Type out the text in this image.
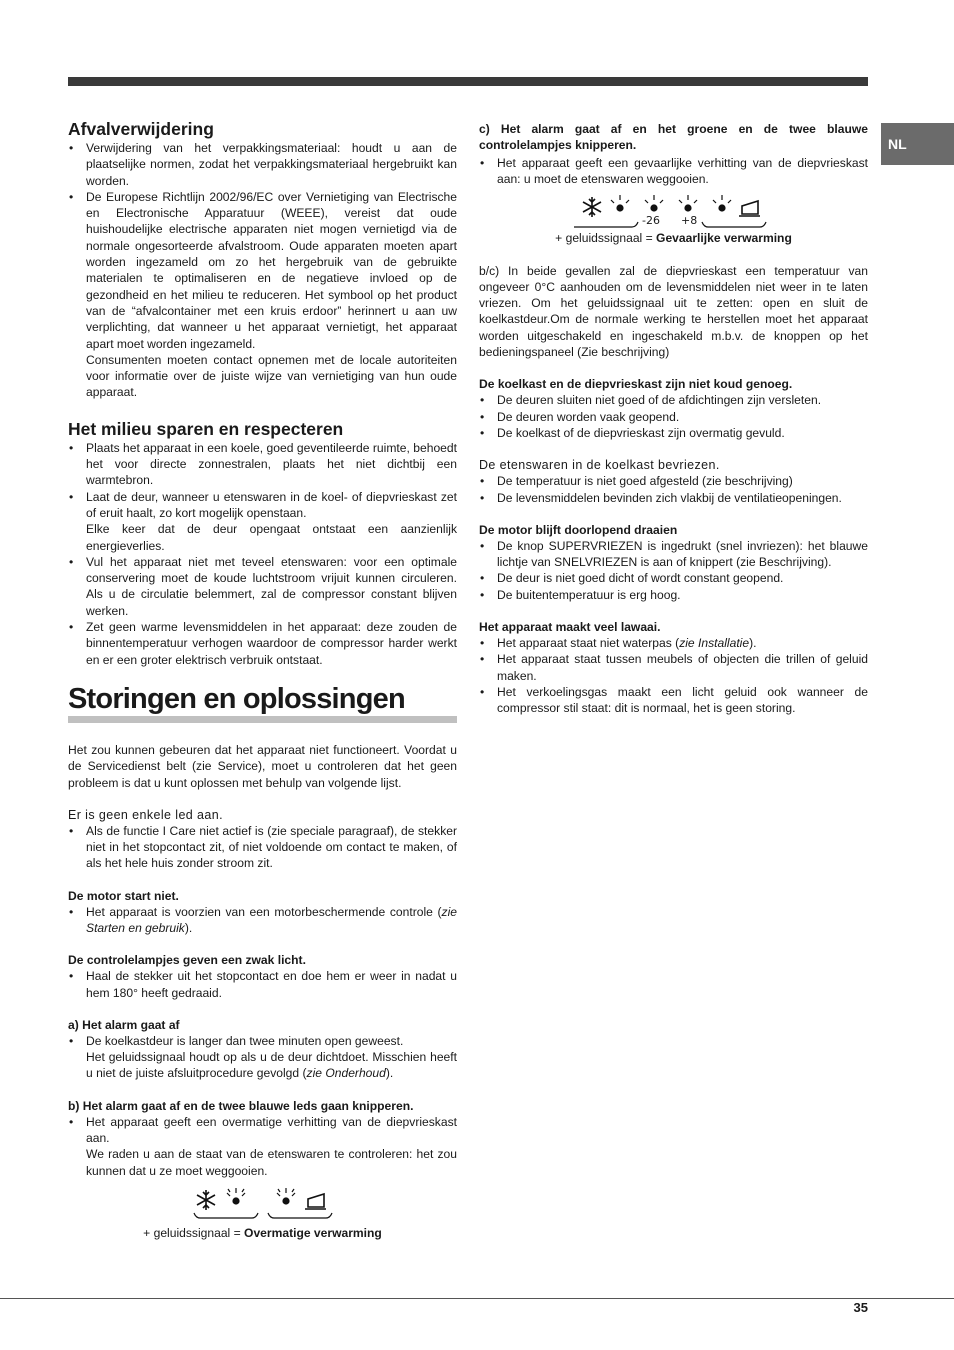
NL
Afvalverwijdering
• Verwijdering van het verpakkingsmateriaal: houdt u aan de plaatselijke normen, zodat het verpakkingsmateriaal hergebruikt kan worden.
• De Europese Richtlijn 2002/96/EC over Vernietiging van Electrische en Electronische Apparatuur (WEEE), vereist dat oude huishoudelijke electrische apparaten niet mogen vernietigd via de normale ongesorteerde afvalstroom. Oude apparaten moeten apart worden ingezameld om zo het hergebruik van de gebruikte materialen te optimaliseren en de negatieve invloed op de gezondheid en het milieu te reduceren. Het symbool op het product van de “afvalcontainer met een kruis erdoor” herinnert u aan uw verplichting, dat wanneer u het apparaat vernietigt, het apparaat apart moet worden ingezameld.
Consumenten moeten contact opnemen met de locale autoriteiten voor informatie over de juiste wijze van vernietiging van hun oude apparaat.
Het milieu sparen en respecteren
• Plaats het apparaat in een koele, goed geventileerde ruimte, behoedt het voor directe zonnestralen, plaats het niet dichtbij een warmtebron.
• Laat de deur, wanneer u etenswaren in de koel- of diepvrieskast zet of eruit haalt, zo kort mogelijk openstaan.
Elke keer dat de deur opengaat ontstaat een aanzienlijk energieverlies.
• Vul het apparaat niet met teveel etenswaren: voor een optimale conservering moet de koude luchtstroom vrijuit kunnen circuleren. Als u de circulatie belemmert, zal de compressor constant blijven werken.
• Zet geen warme levensmiddelen in het apparaat: deze zouden de binnentemperatuur verhogen waardoor de compressor harder werkt en er een groter elektrisch verbruik ontstaat.
Storingen en oplossingen

Het zou kunnen gebeuren dat het apparaat niet functioneert. Voordat u de Servicedienst belt (zie Service), moet u controleren dat het geen probleem is dat u kunt oplossen met behulp van volgende lijst.

Er is geen enkele led aan.

• Als de functie I Care niet actief is (zie speciale paragraaf), de stekker niet in het stopcontact zit, of niet voldoende om contact te maken, of als het hele huis zonder stroom zit.

De motor start niet.

• Het apparaat is voorzien van een motorbeschermende controle (zie Starten en gebruik).

De controlelampjes geven een zwak licht.

• Haal de stekker uit het stopcontact en doe hem er weer in nadat u hem 180° heeft gedraaid.

a) Het alarm gaat af

• De koelkastdeur is langer dan twee minuten open geweest.
Het geluidssignaal houdt op als u de deur dichtdoet. Misschien heeft u niet de juiste afsluitprocedure gevolgd (zie Onderhoud).

b) Het alarm gaat af en de twee blauwe leds gaan knipperen.

• Het apparaat geeft een overmatige verhitting van de diepvrieskast aan.
We raden u aan de staat van de etenswaren te controleren: het zou kunnen dat u ze moet weggooien.
+ geluidssignaal = Overmatige verwarming

c) Het alarm gaat af en het groene en de twee blauwe controlelampjes knipperen.

• Het apparaat geeft een gevaarlijke verhitting van de diepvrieskast aan: u moet de etenswaren weggooien.
-26 +8
+ geluidssignaal = Gevaarlijke verwarming

b/c) In beide gevallen zal de diepvrieskast een temperatuur van ongeveer 0°C aanhouden om de levensmiddelen niet weer in te laten vriezen. Om het geluidssignaal uit te zetten: open en sluit de koelkastdeur.Om de normale werking te herstellen moet het apparaat worden uitgeschakeld en ingeschakeld m.b.v. de knoppen op het bedieningspaneel (Zie beschrijving)

De koelkast en de diepvrieskast zijn niet koud genoeg.

• De deuren sluiten niet goed of de afdichtingen zijn versleten.
• De deuren worden vaak geopend.
• De koelkast of de diepvrieskast zijn overmatig gevuld.

De etenswaren in de koelkast bevriezen.

• De temperatuur is niet goed afgesteld (zie beschrijving)
• De levensmiddelen bevinden zich vlakbij de ventilatieopeningen.

De motor blijft doorlopend draaien

• De knop SUPERVRIEZEN is ingedrukt (snel invriezen): het blauwe lichtje van SNELVRIEZEN is aan of knippert (zie Beschrijving).
• De deur is niet goed dicht of wordt constant geopend.
• De buitentemperatuur is erg hoog.

Het apparaat maakt veel lawaai.

• Het apparaat staat niet waterpas (zie Installatie).
• Het apparaat staat tussen meubels of objecten die trillen of geluid maken.
• Het verkoelingsgas maakt een licht geluid ook wanneer de compressor stil staat: dit is normaal, het is geen storing.
35
